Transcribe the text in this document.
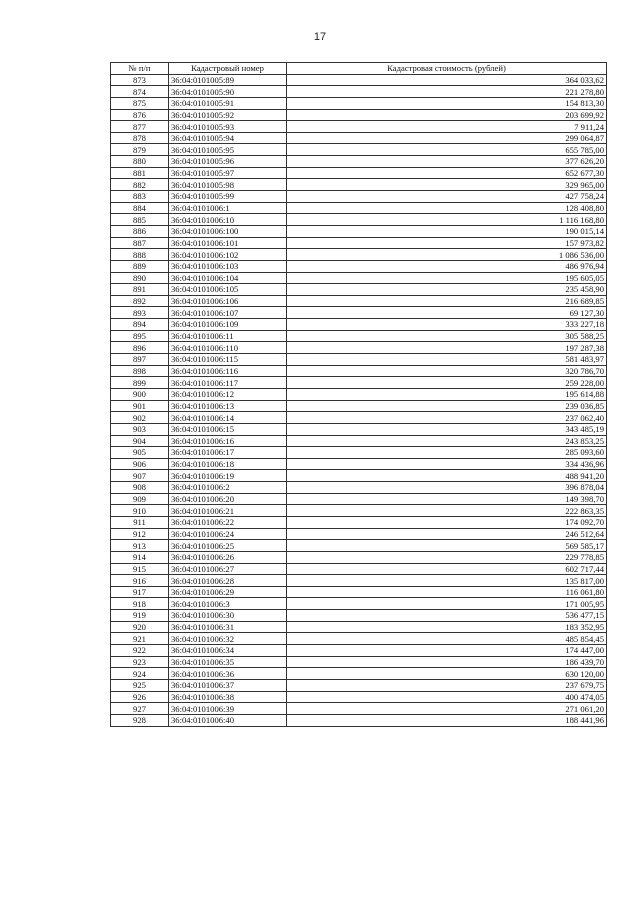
17
№ п/п	Кадастровый номер	Кадастровая стоимость (рублей)
873	36:04:0101005:89	364 033,62
874	36:04:0101005:90	221 278,80
875	36:04:0101005:91	154 813,30
876	36:04:0101005:92	203 699,92
877	36:04:0101005:93	7 911,24
878	36:04:0101005:94	299 064,87
879	36:04:0101005:95	655 785,00
880	36:04:0101005:96	377 626,20
881	36:04:0101005:97	652 677,30
882	36:04:0101005:98	329 965,00
883	36:04:0101005:99	427 758,24
884	36:04:0101006:1	128 408,80
885	36:04:0101006:10	1 116 168,80
886	36:04:0101006:100	190 015,14
887	36:04:0101006:101	157 973,82
888	36:04:0101006:102	1 086 536,00
889	36:04:0101006:103	486 976,94
890	36:04:0101006:104	195 605,05
891	36:04:0101006:105	235 458,90
892	36:04:0101006:106	216 689,85
893	36:04:0101006:107	69 127,30
894	36:04:0101006:109	333 227,18
895	36:04:0101006:11	305 588,25
896	36:04:0101006:110	197 287,38
897	36:04:0101006:115	581 483,97
898	36:04:0101006:116	320 786,70
899	36:04:0101006:117	259 228,00
900	36:04:0101006:12	195 614,88
901	36:04:0101006:13	239 036,85
902	36:04:0101006:14	237 062,40
903	36:04:0101006:15	343 485,19
904	36:04:0101006:16	243 853,25
905	36:04:0101006:17	285 093,60
906	36:04:0101006:18	334 436,96
907	36:04:0101006:19	488 941,20
908	36:04:0101006:2	396 878,04
909	36:04:0101006:20	149 398,70
910	36:04:0101006:21	222 863,35
911	36:04:0101006:22	174 092,70
912	36:04:0101006:24	246 512,64
913	36:04:0101006:25	569 585,17
914	36:04:0101006:26	229 778,85
915	36:04:0101006:27	602 717,44
916	36:04:0101006:28	135 817,00
917	36:04:0101006:29	116 061,80
918	36:04:0101006:3	171 005,95
919	36:04:0101006:30	536 477,15
920	36:04:0101006:31	183 352,95
921	36:04:0101006:32	485 854,45
922	36:04:0101006:34	174 447,00
923	36:04:0101006:35	186 439,70
924	36:04:0101006:36	630 120,00
925	36:04:0101006:37	237 679,75
926	36:04:0101006:38	400 474,05
927	36:04:0101006:39	271 061,20
928	36:04:0101006:40	188 441,96
